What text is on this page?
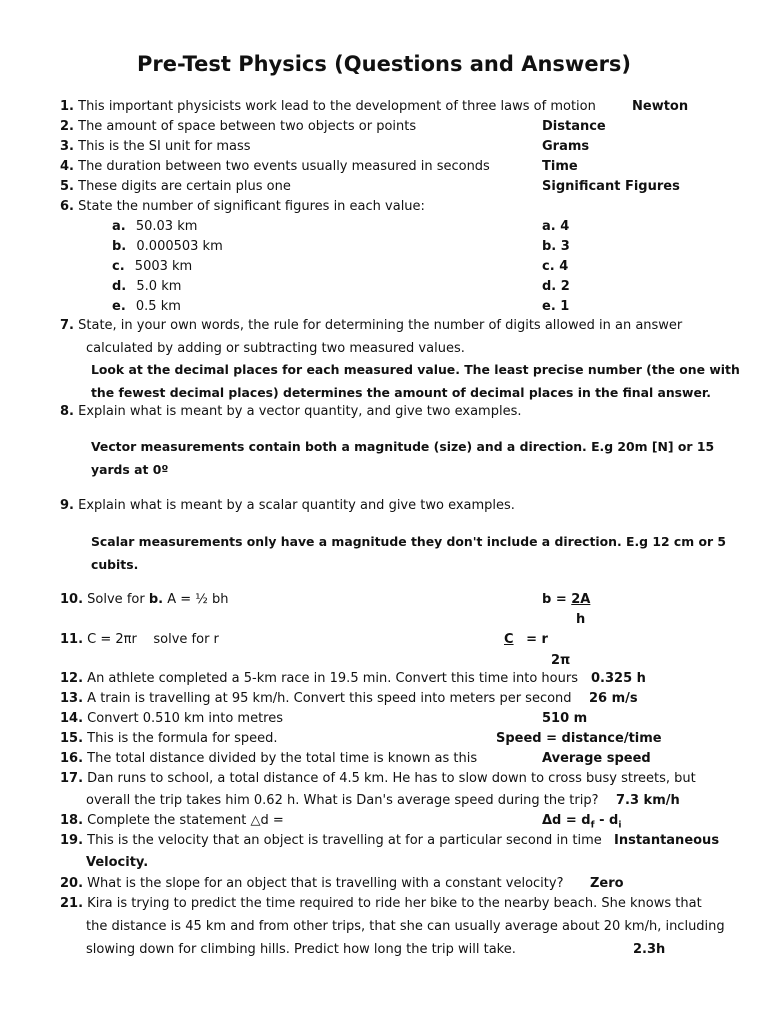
Pre-Test Physics (Questions and Answers)
1. This important physicists work lead to the development of three laws of motion	Newton
2. The amount of space between two objects or points	Distance
3. This is the SI unit for mass	Grams
4. The duration between two events usually measured in seconds	Time
5. These digits are certain plus one	Significant Figures
6. State the number of significant figures in each value:
a. 50.03 km	a. 4
b. 0.000503 km	b. 3
c. 5003 km	c. 4
d. 5.0 km	d. 2
e. 0.5 km	e. 1
7. State, in your own words, the rule for determining the number of digits allowed in an answer
calculated by adding or subtracting two measured values.
Look at the decimal places for each measured value. The least precise number (the one with
the fewest decimal places) determines the amount of decimal places in the final answer.
8. Explain what is meant by a vector quantity, and give two examples.
Vector measurements contain both a magnitude (size) and a direction. E.g 20m [N] or 15
yards at 0º
9. Explain what is meant by a scalar quantity and give two examples.
Scalar measurements only have a magnitude they don't include a direction. E.g 12 cm or 5
cubits.
10. Solve for b. A = ½ bh	b = 2A
h
11. C = 2πr    solve for r	C = r
2π
12. An athlete completed a 5-km race in 19.5 min. Convert this time into hours 0.325 h
13. A train is travelling at 95 km/h. Convert this speed into meters per second 26 m/s
14. Convert 0.510 km into metres	510 m
15. This is the formula for speed.	Speed = distance/time
16. The total distance divided by the total time is known as this	Average speed
17. Dan runs to school, a total distance of 4.5 km. He has to slow down to cross busy streets, but
overall the trip takes him 0.62 h. What is Dan's average speed during the trip? 7.3 km/h
18. Complete the statement △d =	$\Delta d = d_f - d_i$
19. This is the velocity that an object is travelling at for a particular second in time Instantaneous
Velocity.
20. What is the slope for an object that is travelling with a constant velocity? Zero
21. Kira is trying to predict the time required to ride her bike to the nearby beach. She knows that
the distance is 45 km and from other trips, that she can usually average about 20 km/h, including
slowing down for climbing hills. Predict how long the trip will take.	2.3h
